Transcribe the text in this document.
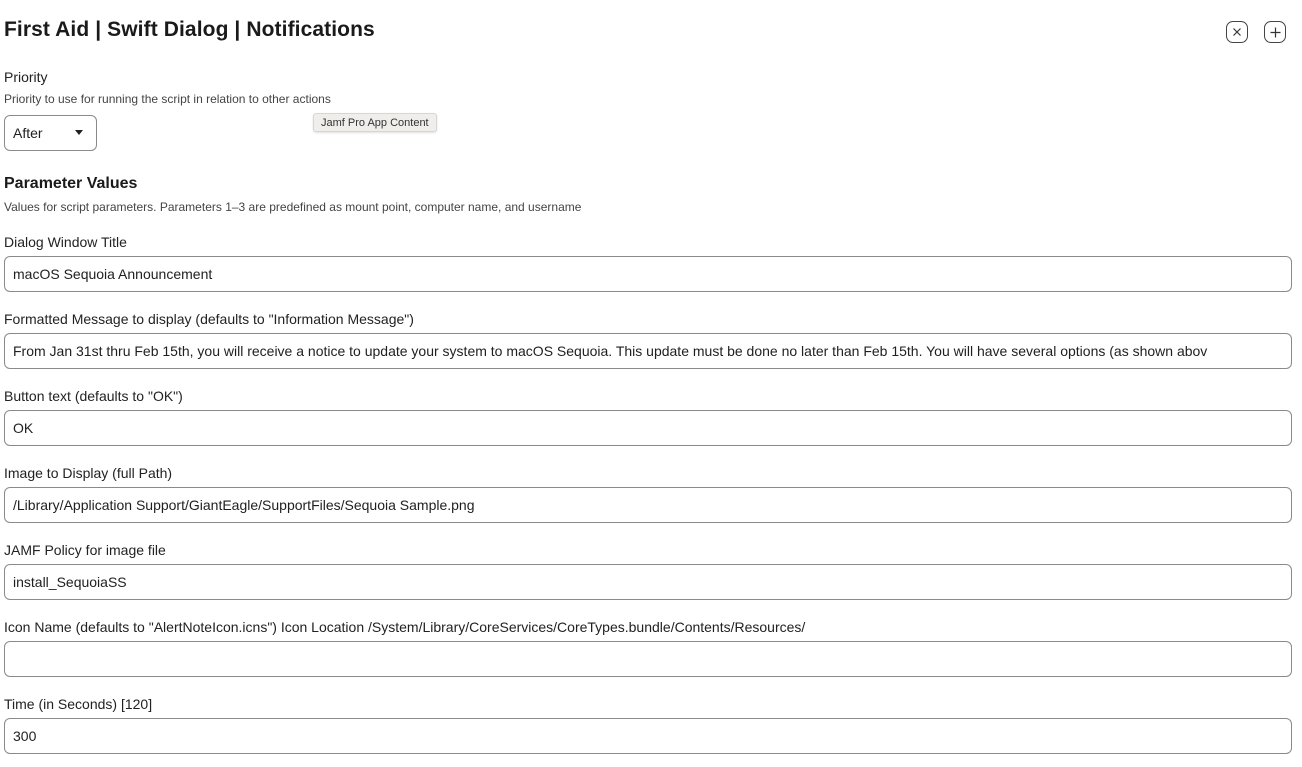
First Aid | Swift Dialog | Notifications
Priority
Priority to use for running the script in relation to other actions
After
Jamf Pro App Content
Parameter Values
Values for script parameters. Parameters 1–3 are predefined as mount point, computer name, and username
Dialog Window Title
macOS Sequoia Announcement
Formatted Message to display (defaults to "Information Message")
From Jan 31st thru Feb 15th, you will receive a notice to update your system to macOS Sequoia. This update must be done no later than Feb 15th. You will have several options (as shown abov
Button text (defaults to "OK")
OK
Image to Display (full Path)
/Library/Application Support/GiantEagle/SupportFiles/Sequoia Sample.png
JAMF Policy for image file
install_SequoiaSS
Icon Name (defaults to "AlertNoteIcon.icns") Icon Location /System/Library/CoreServices/CoreTypes.bundle/Contents/Resources/
Time (in Seconds) [120]
300
